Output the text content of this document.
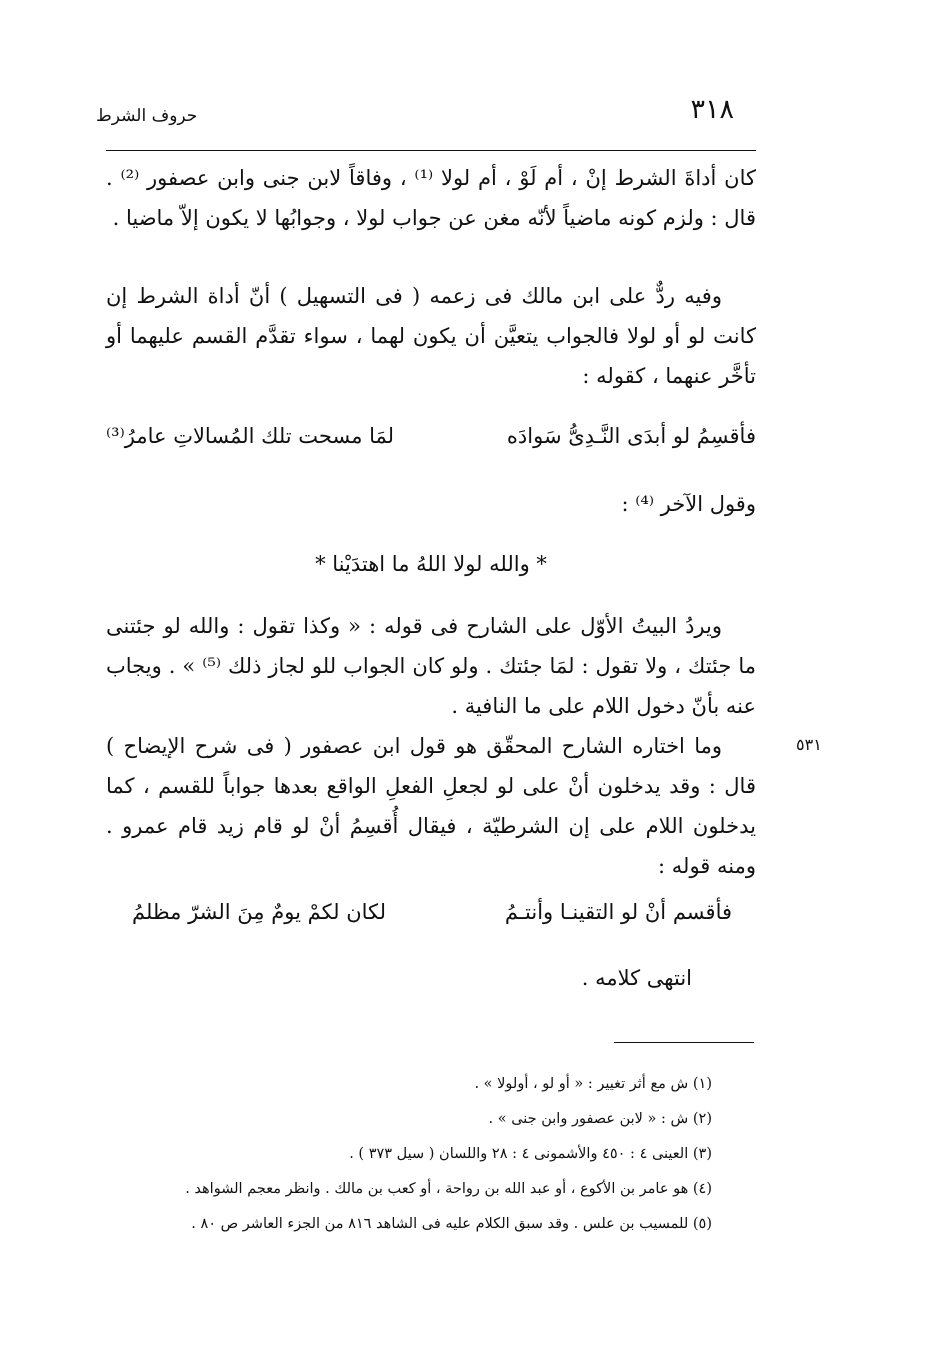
٣١٨
حروف الشرط

كان أداةَ الشرط إنْ ، أم لَوْ ، أم لولا ⁽¹⁾ ، وفاقاً لابن جنى وابن عصفور ⁽²⁾ . قال : ولزم كونه ماضياً لأنّه مغن عن جواب لولا ، وجوابُها لا يكون إلاّ ماضيا .

وفيه ردٌّ على ابن مالك فى زعمه ( فى التسهيل ) أنّ أداة الشرط إن كانت لو أو لولا فالجواب يتعيَّن أن يكون لهما ، سواء تقدَّم القسم عليهما أو تأخَّر عنهما ، كقوله :

فأقسِمُ لو أبدَى النَّـدِىُّ سَوادَه
لمَا مسحت تلك المُسالاتِ عامرُ⁽³⁾

وقول الآخر ⁽⁴⁾ :

* والله لولا اللهُ ما اهتدَيْنا *

ويردُ البيتُ الأوّل على الشارح فى قوله : « وكذا تقول : والله لو جئتنى ما جئتك ، ولا تقول : لمَا جئتك . ولو كان الجواب للو لجاز ذلك ⁽⁵⁾ » . ويجاب عنه بأنّ دخول اللام على ما النافية .

٥٣١

وما اختاره الشارح المحقّق هو قول ابن عصفور ( فى شرح الإيضاح ) قال : وقد يدخلون أنْ على لو لجعلِ الفعلِ الواقع بعدها جواباً للقسم ، كما يدخلون اللام على إن الشرطيّة ، فيقال أُقسِمُ أنْ لو قام زيد قام عمرو . ومنه قوله :

فأقسم أنْ لو التقينـا وأنتـمُ
لكان لكمْ يومٌ مِنَ الشرّ مظلمُ

انتهى كلامه .

(١) ش مع أثر تغيير : « أو لو ، أولولا » .
(٢) ش : « لابن عصفور وابن جنى » .
(٣) العينى ٤ : ٤٥٠ والأشمونى ٤ : ٢٨ واللسان ( سيل ٣٧٣ ) .
(٤) هو عامر بن الأكوع ، أو عبد الله بن رواحة ، أو كعب بن مالك . وانظر معجم الشواهد .
(٥) للمسيب بن علس . وقد سبق الكلام عليه فى الشاهد ٨١٦ من الجزء العاشر ص ٨٠ .
